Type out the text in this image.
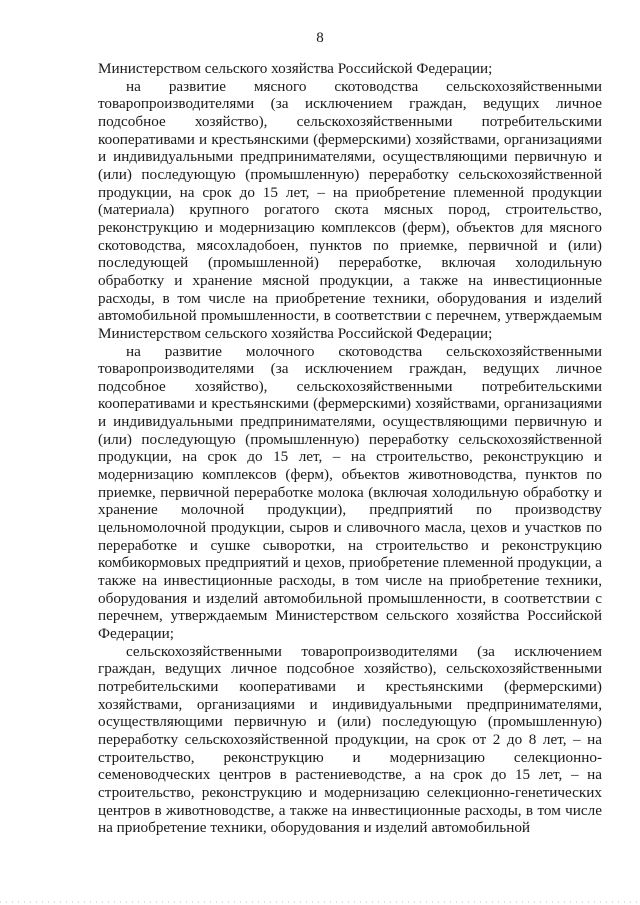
8

Министерством сельского хозяйства Российской Федерации;

на развитие мясного скотоводства сельскохозяйственными товаропроизводителями (за исключением граждан, ведущих личное подсобное хозяйство), сельскохозяйственными потребительскими кооперативами и крестьянскими (фермерскими) хозяйствами, организациями и индивидуальными предпринимателями, осуществляющими первичную и (или) последующую (промышленную) переработку сельскохозяйственной продукции, на срок до 15 лет, – на приобретение племенной продукции (материала) крупного рогатого скота мясных пород, строительство, реконструкцию и модернизацию комплексов (ферм), объектов для мясного скотоводства, мясохладобоен, пунктов по приемке, первичной и (или) последующей (промышленной) переработке, включая холодильную обработку и хранение мясной продукции, а также на инвестиционные расходы, в том числе на приобретение техники, оборудования и изделий автомобильной промышленности, в соответствии с перечнем, утверждаемым Министерством сельского хозяйства Российской Федерации;

на развитие молочного скотоводства сельскохозяйственными товаропроизводителями (за исключением граждан, ведущих личное подсобное хозяйство), сельскохозяйственными потребительскими кооперативами и крестьянскими (фермерскими) хозяйствами, организациями и индивидуальными предпринимателями, осуществляющими первичную и (или) последующую (промышленную) переработку сельскохозяйственной продукции, на срок до 15 лет, – на строительство, реконструкцию и модернизацию комплексов (ферм), объектов животноводства, пунктов по приемке, первичной переработке молока (включая холодильную обработку и хранение молочной продукции), предприятий по производству цельномолочной продукции, сыров и сливочного масла, цехов и участков по переработке и сушке сыворотки, на строительство и реконструкцию комбикормовых предприятий и цехов, приобретение племенной продукции, а также на инвестиционные расходы, в том числе на приобретение техники, оборудования и изделий автомобильной промышленности, в соответствии с перечнем, утверждаемым Министерством сельского хозяйства Российской Федерации;

сельскохозяйственными товаропроизводителями (за исключением граждан, ведущих личное подсобное хозяйство), сельскохозяйственными потребительскими кооперативами и крестьянскими (фермерскими) хозяйствами, организациями и индивидуальными предпринимателями, осуществляющими первичную и (или) последующую (промышленную) переработку сельскохозяйственной продукции, на срок от 2 до 8 лет, – на строительство, реконструкцию и модернизацию селекционно-семеноводческих центров в растениеводстве, а на срок до 15 лет, – на строительство, реконструкцию и модернизацию селекционно-генетических центров в животноводстве, а также на инвестиционные расходы, в том числе на приобретение техники, оборудования и изделий автомобильной
